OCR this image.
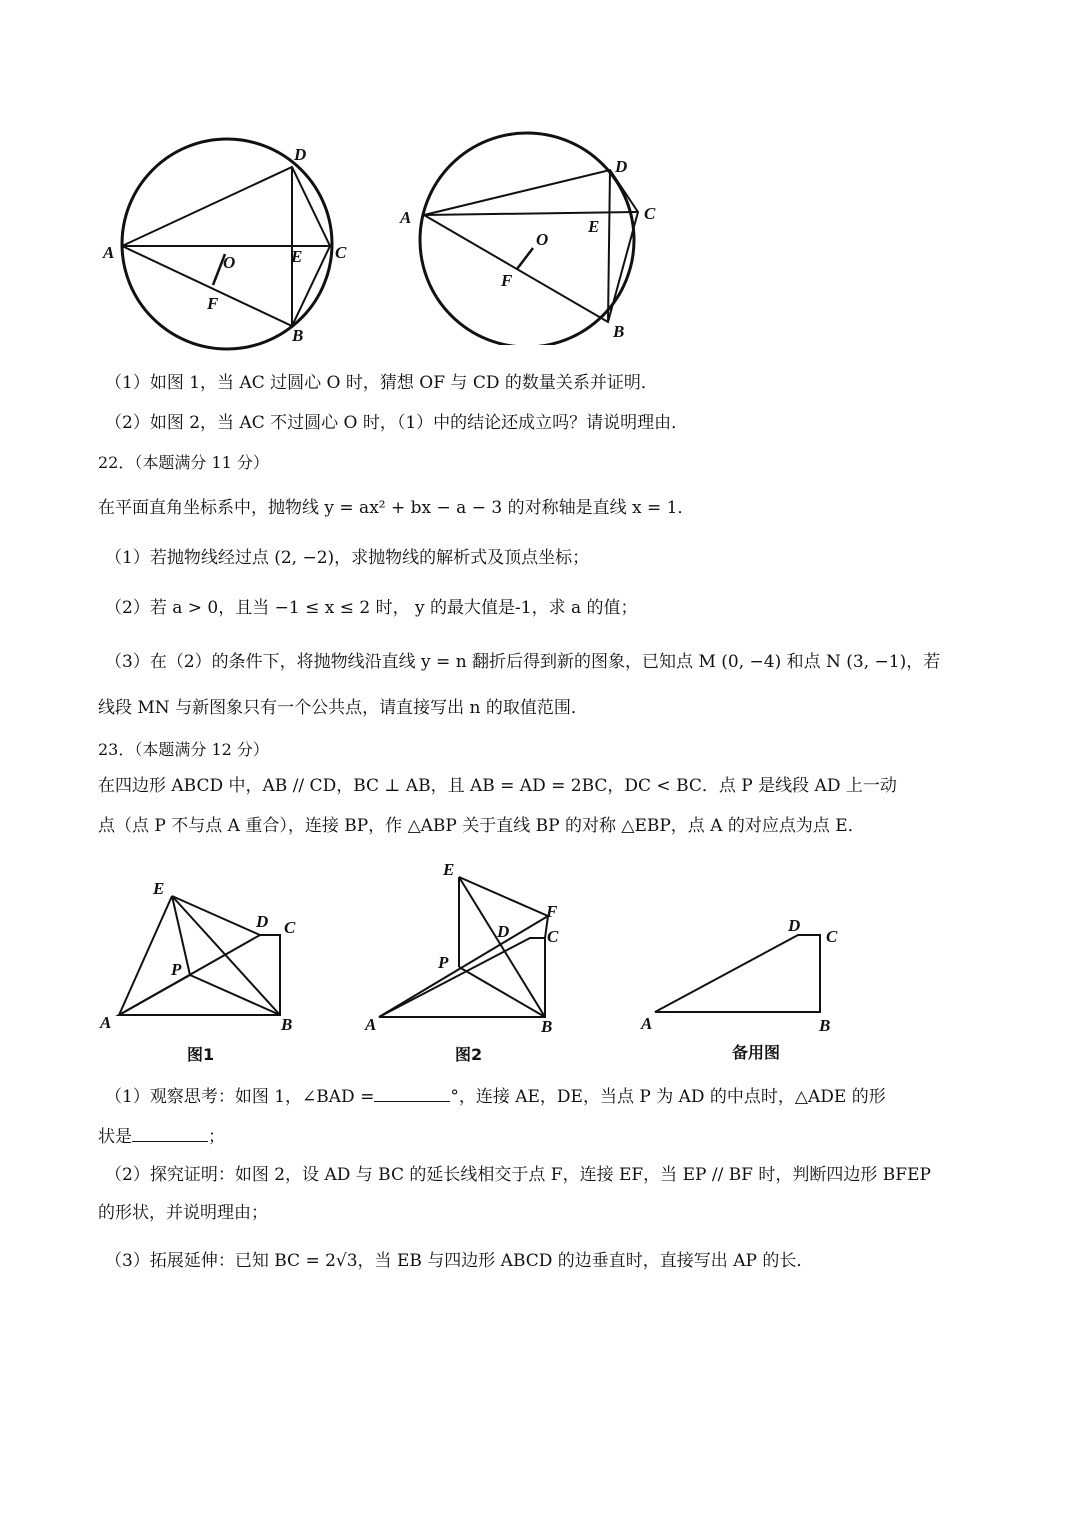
A
D
C
B
E
O
F
A
D
C
B
E
O
F
（1）如图 1，当 AC 过圆心 O 时，猜想 OF 与 CD 的数量关系并证明．
（2）如图 2，当 AC 不过圆心 O 时，（1）中的结论还成立吗？请说明理由．
22．（本题满分 11 分）
在平面直角坐标系中，抛物线 y = ax² + bx − a − 3 的对称轴是直线 x = 1．
（1）若抛物线经过点 (2, −2)，求抛物线的解析式及顶点坐标；
（2）若 a > 0，且当 −1 ≤ x ≤ 2 时， y 的最大值是-1，求 a 的值；
（3）在（2）的条件下，将抛物线沿直线 y = n 翻折后得到新的图象，已知点 M (0, −4) 和点 N (3, −1)，若
线段 MN 与新图象只有一个公共点，请直接写出 n 的取值范围．
23．（本题满分 12 分）
在四边形 ABCD 中，AB // CD，BC ⊥ AB，且 AB = AD = 2BC，DC < BC．点 P 是线段 AD 上一动
点（点 P 不与点 A 重合），连接 BP，作 △ABP 关于直线 BP 的对称 △EBP，点 A 的对应点为点 E．
E
D C
P
A	B
图1
E
F
D C
P
A	B
图2
D
C
A	B
备用图
（1）观察思考：如图 1，∠BAD =	°，连接 AE，DE，当点 P 为 AD 的中点时，△ADE 的形
状是	；
（2）探究证明：如图 2，设 AD 与 BC 的延长线相交于点 F，连接 EF，当 EP // BF 时，判断四边形 BFEP
的形状，并说明理由；
（3）拓展延伸：已知 BC = 2√3，当 EB 与四边形 ABCD 的边垂直时，直接写出 AP 的长．
